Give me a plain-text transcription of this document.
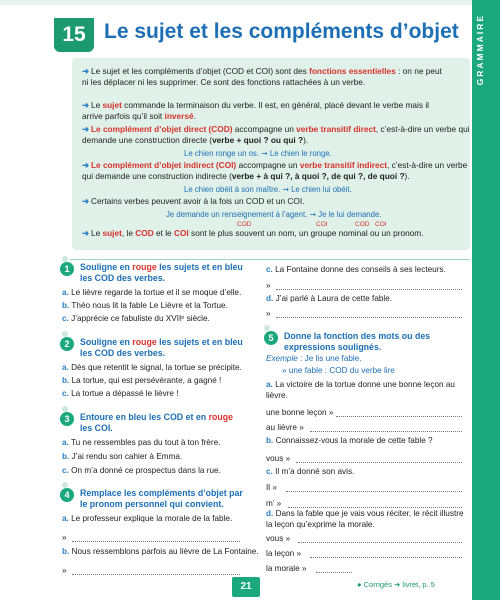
GRAMMAIRE
15 Le sujet et les compléments d’objet
➜ Le sujet et les compléments d’objet (COD et COI) sont des fonctions essentielles : on ne peut ni les déplacer ni les supprimer. Ce sont des fonctions rattachées à un verbe.
➜ Le sujet commande la terminaison du verbe. Il est, en général, placé devant le verbe mais il arrive parfois qu’il soit inversé.
➜ Le complément d’objet direct (COD) accompagne un verbe transitif direct, c’est-à-dire un verbe qui demande une construction directe (verbe + quoi ? ou qui ?).
Le chien ronge un os. ➞ Le chien le ronge.
➜ Le complément d’objet indirect (COI) accompagne un verbe transitif indirect, c’est-à-dire un verbe qui demande une construction indirecte (verbe + à qui ?, à quoi ?, de qui ?, de quoi ?).
Le chien obéit à son maître. ➞ Le chien lui obéit.
➜ Certains verbes peuvent avoir à la fois un COD et un COI.
Je demande un renseignement à l’agent. ➞ Je le lui demande.
COD	COI	COD COI
➜ Le sujet, le COD et le COI sont le plus souvent un nom, un groupe nominal ou un pronom.
1	Souligne en rouge les sujets et en bleu
les COD des verbes.
a. Le lièvre regarde la tortue et il se moque d’elle.
b. Théo nous lit la fable Le Lièvre et la Tortue.
c. J’apprécie ce fabuliste du XVIIᵉ siècle.
2	Souligne en rouge les sujets et en bleu
les COD des verbes.
a. Dès que retentit le signal, la tortue se précipite.
b. La tortue, qui est persévérante, a gagné !
c. La tortue a dépassé le lièvre !
3	Entoure en bleu les COD et en rouge
les COI.
a. Tu ne ressembles pas du tout à ton frère.
b. J’ai rendu son cahier à Emma.
c. On m’a donné ce prospectus dans la rue.
4	Remplace les compléments d’objet par
le pronom personnel qui convient.
a. Le professeur explique la morale de la fable.
»
b. Nous ressemblons parfois au lièvre de La Fontaine.
»
c. La Fontaine donne des conseils à ses lecteurs.
»
d. J’ai parlé à Laura de cette fable.
»
5	Donne la fonction des mots ou des
expressions soulignés.
Exemple : Je lis une fable.
» une fable : COD du verbe lire
a. La victoire de la tortue donne une bonne leçon au lièvre.
une bonne leçon »
au lièvre »
b. Connaissez-vous la morale de cette fable ?
vous »
c. Il m’a donné son avis.
Il »
m’ »
d. Dans la fable que je vais vous réciter, le récit illustre la leçon qu’exprime la morale.
vous »
la leçon »
la morale »
21	● Corrigés ➜ livret, p. 5
